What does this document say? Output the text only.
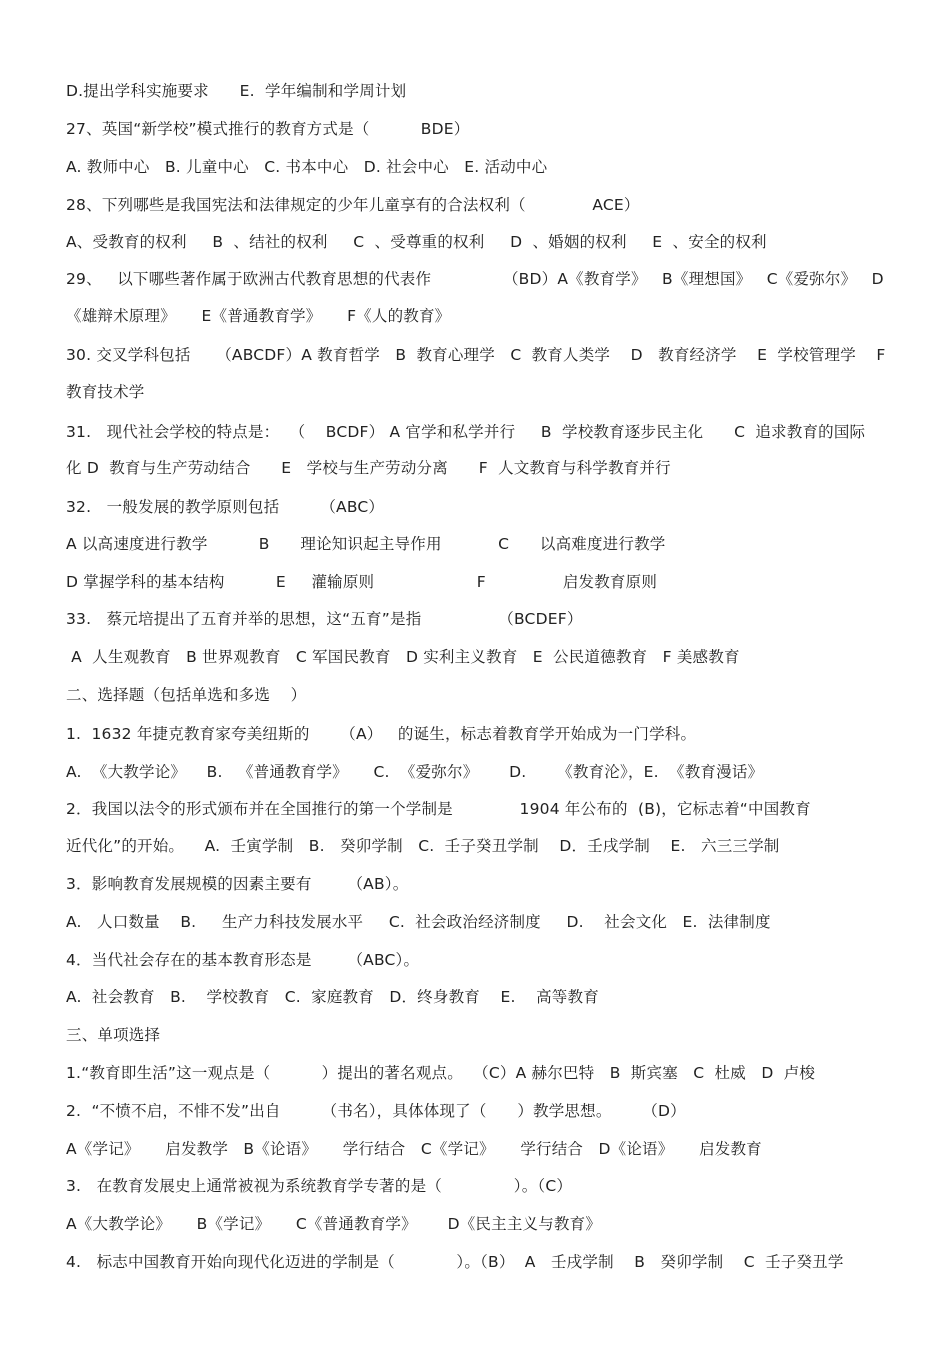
D.提出学科实施要求      E.  学年编制和学周计划
27、英国“新学校”模式推行的教育方式是（          BDE）
A. 教师中心   B. 儿童中心   C. 书本中心   D. 社会中心   E. 活动中心
28、下列哪些是我国宪法和法律规定的少年儿童享有的合法权利（             ACE）
A、受教育的权利     B  、结社的权利     C  、受尊重的权利     D  、婚姻的权利     E  、安全的权利
29、   以下哪些著作属于欧洲古代教育思想的代表作              （BD）A《教育学》   B《理想国》   C《爱弥尔》   D
《雄辩术原理》     E《普通教育学》     F《人的教育》
30. 交叉学科包括     （ABCDF）A 教育哲学   B  教育心理学   C  教育人类学    D   教育经济学    E  学校管理学    F
教育技术学
31.   现代社会学校的特点是：  （    BCDF） A 官学和私学并行     B  学校教育逐步民主化      C  追求教育的国际
化 D  教育与生产劳动结合      E   学校与生产劳动分离      F  人文教育与科学教育并行
32.   一般发展的教学原则包括        （ABC）
A 以高速度进行教学          B      理论知识起主导作用           C      以高难度进行教学
D 掌握学科的基本结构          E     灌输原则                    F               启发教育原则
33.   蔡元培提出了五育并举的思想，这“五育”是指               （BCDEF）
A  人生观教育   B 世界观教育   C 军国民教育   D 实利主义教育   E  公民道德教育   F 美感教育
二、选择题（包括单选和多选    ）
1.  1632 年捷克教育家夸美纽斯的      （A）   的诞生，标志着教育学开始成为一门学科。
A.  《大教学论》    B.   《普通教育学》     C.  《爱弥尔》      D.      《教育沦》，E.  《教育漫话》
2．我国以法令的形式颁布并在全国推行的第一个学制是             1904 年公布的  (B)，它标志着“中国教育
近代化”的开始。    A.  壬寅学制   B.   癸卯学制   C.  壬子癸丑学制    D．壬戌学制    E.   六三三学制
3．影响教育发展规模的因素主要有       （AB）。
A.   人口数量    B.     生产力科技发展水平     C.  社会政治经济制度     D.    社会文化   E.  法律制度
4．当代社会存在的基本教育形态是       （ABC）。
A.  社会教育   B.    学校教育   C.  家庭教育   D．终身教育    E.    高等教育
三、单项选择
1.“教育即生活”这一观点是（          ）提出的著名观点。  （C）A 赫尔巴特   B  斯宾塞   C  杜威   D  卢梭
2.  “不愤不启，不悱不发”出自        （书名），具体体现了（      ）教学思想。      （D）
A《学记》     启发教学   B《论语》     学行结合   C《学记》     学行结合   D《论语》     启发教育
3.   在教育发展史上通常被视为系统教育学专著的是（              ）。（C）
A《大教学论》     B《学记》     C《普通教育学》      D《民主主义与教育》
4.   标志中国教育开始向现代化迈进的学制是（            ）。（B）  A   壬戌学制    B   癸卯学制    C  壬子癸丑学
